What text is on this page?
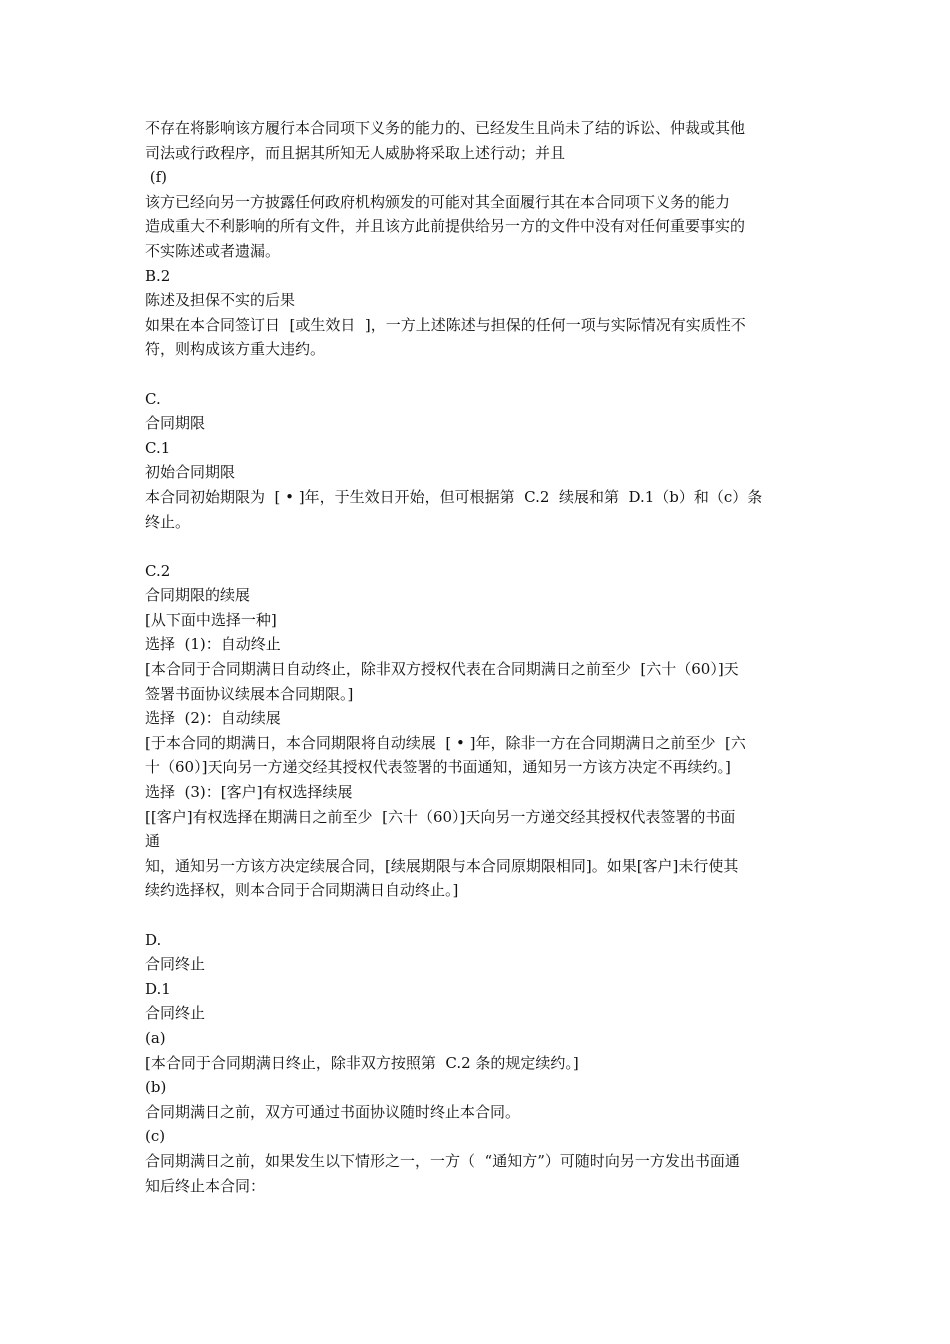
不存在将影响该方履行本合同项下义务的能力的、已经发生且尚未了结的诉讼、仲裁或其他
司法或行政程序，而且据其所知无人威胁将采取上述行动；并且
(f)
该方已经向另一方披露任何政府机构颁发的可能对其全面履行其在本合同项下义务的能力
造成重大不利影响的所有文件，并且该方此前提供给另一方的文件中没有对任何重要事实的
不实陈述或者遗漏。
B.2
陈述及担保不实的后果
如果在本合同签订日  [或生效日  ]，一方上述陈述与担保的任何一项与实际情况有实质性不
符，则构成该方重大违约。
C.
合同期限
C.1
初始合同期限
本合同初始期限为  [ • ]年，于生效日开始，但可根据第  C.2  续展和第  D.1（b）和（c）条
终止。
C.2
合同期限的续展
[从下面中选择一种]
选择  (1)：自动终止
[本合同于合同期满日自动终止，除非双方授权代表在合同期满日之前至少  [六十（60）]天
签署书面协议续展本合同期限。]
选择  (2)：自动续展
[于本合同的期满日，本合同期限将自动续展  [ • ]年，除非一方在合同期满日之前至少  [六
十（60）]天向另一方递交经其授权代表签署的书面通知，通知另一方该方决定不再续约。]
选择  (3)：[客户]有权选择续展
[[客户]有权选择在期满日之前至少  [六十（60）]天向另一方递交经其授权代表签署的书面
通
知，通知另一方该方决定续展合同，[续展期限与本合同原期限相同]。如果[客户]未行使其
续约选择权，则本合同于合同期满日自动终止。]
D.
合同终止
D.1
合同终止
(a)
[本合同于合同期满日终止，除非双方按照第  C.2 条的规定续约。]
(b)
合同期满日之前，双方可通过书面协议随时终止本合同。
(c)
合同期满日之前，如果发生以下情形之一，一方（  “通知方”）可随时向另一方发出书面通
知后终止本合同：
